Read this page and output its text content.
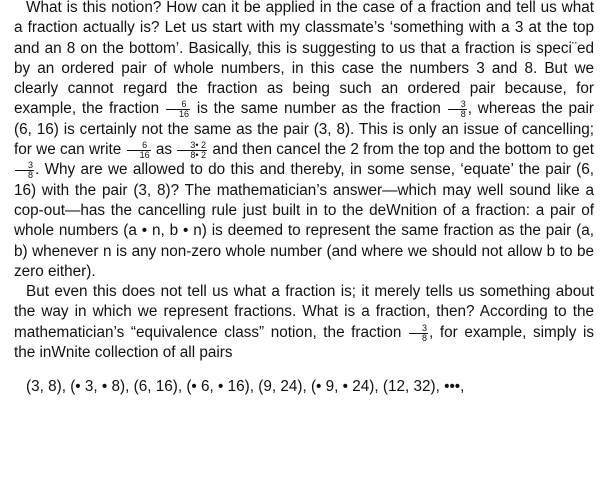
What is this notion? How can it be applied in the case of a fraction and tell us what a fraction actually is? Let us start with my classmate’s ‘something with a 3 at the top and an 8 on the bottom’. Basically, this is suggesting to us that a fraction is speci¨ed by an ordered pair of whole numbers, in this case the numbers 3 and 8. But we clearly cannot regard the fraction as being such an ordered pair because, for example, the fraction $\frac{6}{16}$ is the same number as the fraction $\frac{3}{8}$ , whereas the pair (6, 16) is certainly not the same as the pair (3, 8). This is only an issue of cancelling; for we can write $\frac{6}{16}$ as $\frac{3• 2}{8• 2}$ and then cancel the 2 from the top and the bottom to get
$\frac{3}{8}$ . Why are we allowed to do this and thereby, in some sense, ‘equate’ the pair (6, 16) with the pair (3, 8)? The mathematician’s answer—which may well sound like a cop-out—has the cancelling rule just built in to the deWnition of a fraction: a pair of whole numbers (a • n, b • n) is deemed to represent the same fraction as the pair (a, b) whenever n is any non-zero whole number (and where we should not allow b to be zero either).

But even this does not tell us what a fraction is; it merely tells us something about the way in which we represent fractions. What is a fraction, then? According to the mathematician’s “equivalence class” notion, the fraction $\frac{3}{8}$ , for example, simply is the inWnite collection of all pairs

(3, 8), (• 3, • 8), (6, 16), (• 6, • 16), (9, 24), (• 9, • 24), (12, 32), •••,
